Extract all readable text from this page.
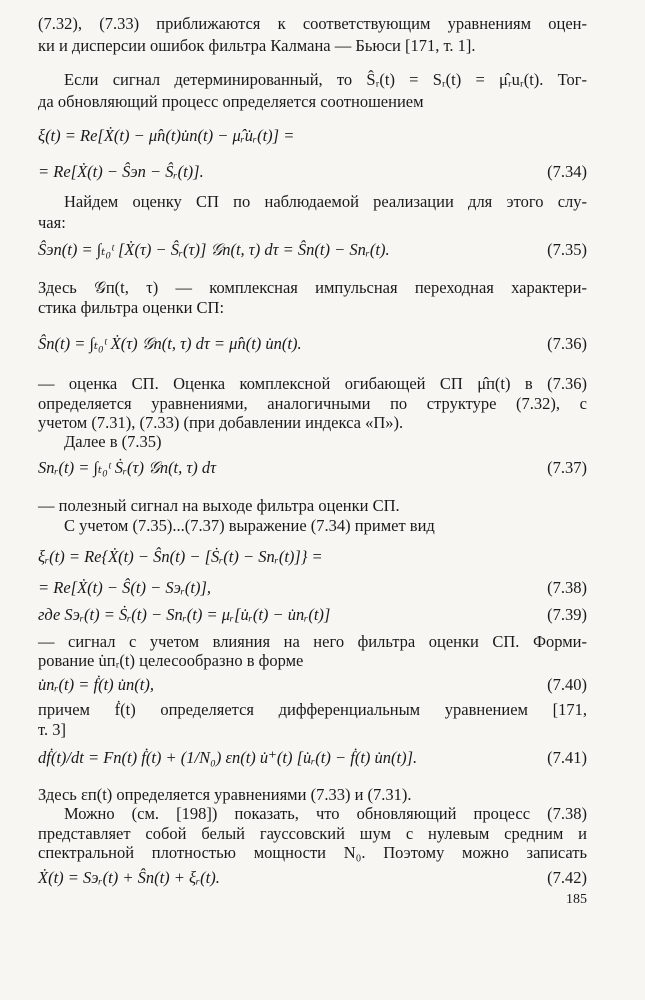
(7.32), (7.33) приближаются к соответствующим уравнениям оцен-
ки и дисперсии ошибок фильтра Калмана — Бьюси [171, т. 1].
Если сигнал детерминированный, то Ŝᵣ(t) = Sᵣ(t) = μ̂ᵣuᵣ(t). Тог-
да обновляющий процесс определяется соотношением
ξ(t) = Re[Ẋ(t) − μ̂п(t)u̇п(t) − μ̂ᵣu̇ᵣ(t)] =
= Re[Ẋ(t) − Ŝэп − Ŝᵣ(t)].	(7.34)
Найдем оценку СП по наблюдаемой реализации для этого слу-
чая:
Ŝэп(t) = ∫ₜ₀ᵗ [Ẋ(τ) − Ŝᵣ(τ)] 𝒢п(t, τ) dτ = Ŝп(t) − Sпᵣ(t).	(7.35)
Здесь 𝒢п(t, τ) — комплексная импульсная переходная характери-
стика фильтра оценки СП:
Ŝп(t) = ∫ₜ₀ᵗ Ẋ(τ) 𝒢п(t, τ) dτ = μ̂п(t) u̇п(t).	(7.36)
— оценка СП. Оценка комплексной огибающей СП μ̂п(t) в (7.36)
определяется уравнениями, аналогичными по структуре (7.32), с
учетом (7.31), (7.33) (при добавлении индекса «П»).
Далее в (7.35)
Sпᵣ(t) = ∫ₜ₀ᵗ Ṡᵣ(τ) 𝒢п(t, τ) dτ	(7.37)
— полезный сигнал на выходе фильтра оценки СП.
С учетом (7.35)...(7.37) выражение (7.34) примет вид
ξᵣ(t) = Re{Ẋ(t) − Ŝп(t) − [Ṡᵣ(t) − Sпᵣ(t)]} =
= Re[Ẋ(t) − Ŝ(t) − Sэᵣ(t)],	(7.38)
где Sэᵣ(t) = Ṡᵣ(t) − Sпᵣ(t) = μᵣ[u̇ᵣ(t) − u̇пᵣ(t)]	(7.39)
— сигнал с учетом влияния на него фильтра оценки СП. Форми-
рование u̇пᵣ(t) целесообразно в форме
u̇пᵣ(t) = ḟ(t) u̇п(t),	(7.40)
причем ḟ(t) определяется дифференциальным уравнением [171,
т. 3]
dḟ(t)/dt = Fп(t) ḟ(t) + (1/N₀) εп(t) u̇⁺(t) [u̇ᵣ(t) − ḟ(t) u̇п(t)].	(7.41)
Здесь εп(t) определяется уравнениями (7.33) и (7.31).
Можно (см. [198]) показать, что обновляющий процесс (7.38)
представляет собой белый гауссовский шум с нулевым средним и
спектральной плотностью мощности N₀. Поэтому можно записать
Ẋ(t) = Sэᵣ(t) + Ŝп(t) + ξᵣ(t).	(7.42)
185
